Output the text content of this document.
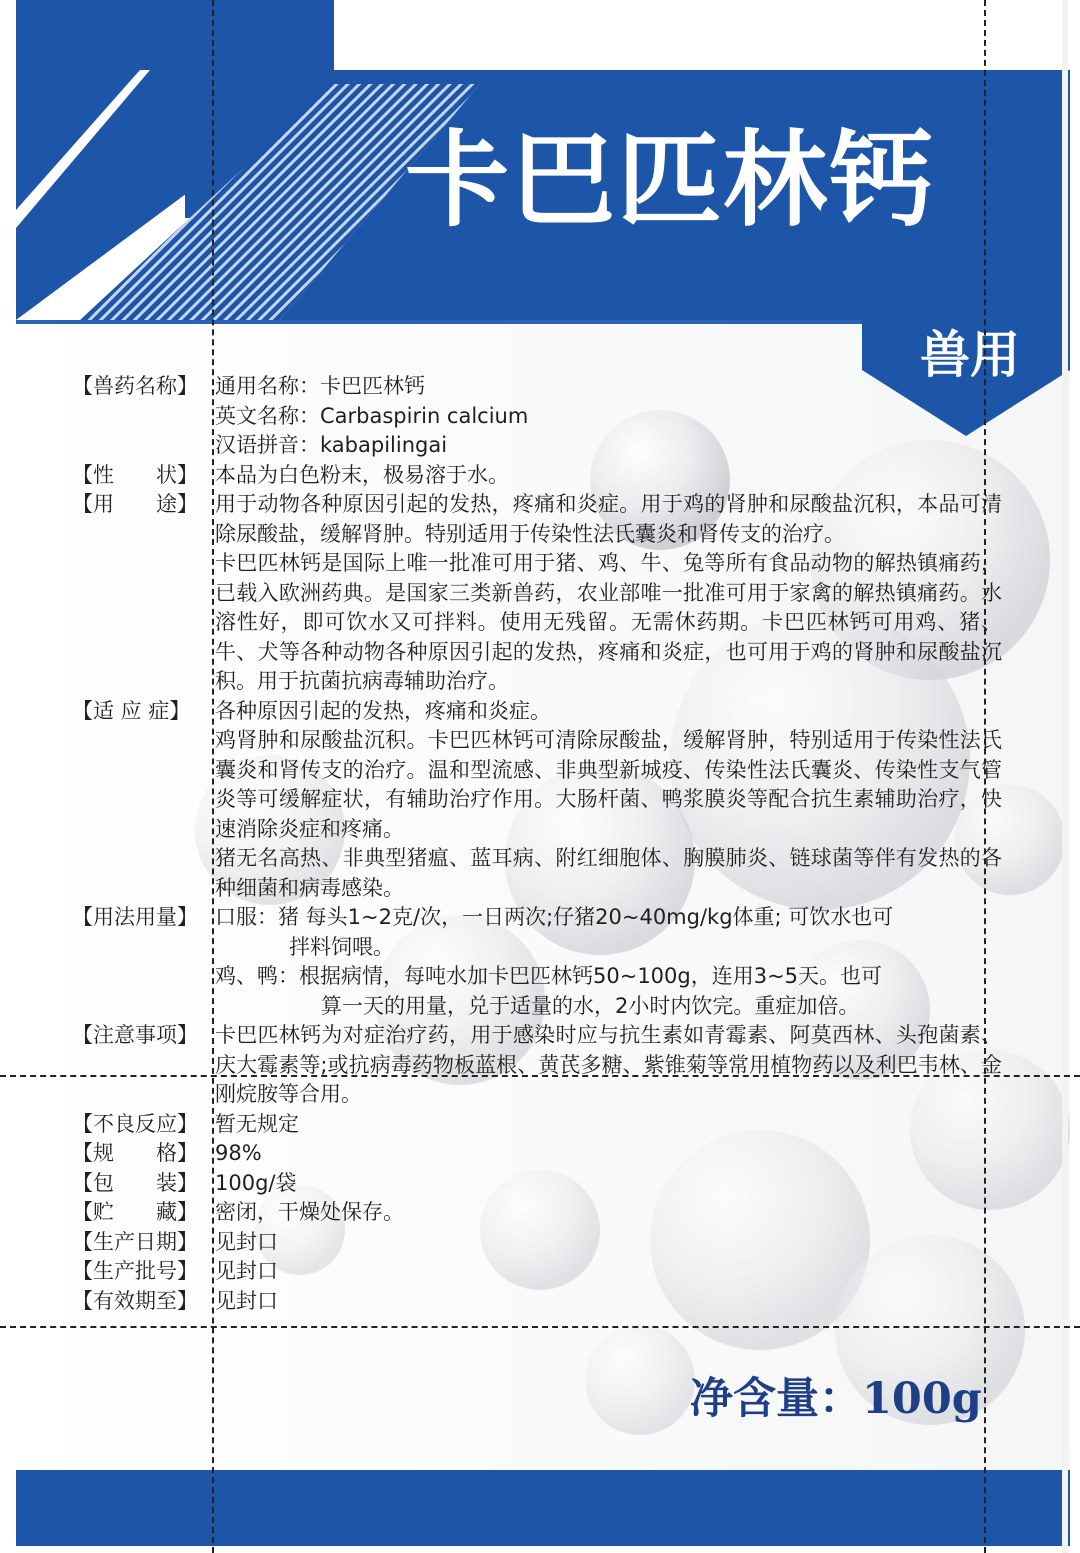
卡巴匹林钙
兽用
【兽药名称】 通用名称：卡巴匹林钙
英文名称：Carbaspirin calcium
汉语拼音：kabapilingai
【性　　状】 本品为白色粉末，极易溶于水。
【用　　途】 用于动物各种原因引起的发热，疼痛和炎症。用于鸡的肾肿和尿酸盐沉积，本品可清除尿酸盐，缓解肾肿。特别适用于传染性法氏囊炎和肾传支的治疗。
卡巴匹林钙是国际上唯一批准可用于猪、鸡、牛、兔等所有食品动物的解热镇痛药，已载入欧洲药典。是国家三类新兽药，农业部唯一批准可用于家禽的解热镇痛药。水溶性好，即可饮水又可拌料。使用无残留。无需休药期。卡巴匹林钙可用鸡、猪、牛、犬等各种动物各种原因引起的发热，疼痛和炎症，也可用于鸡的肾肿和尿酸盐沉积。用于抗菌抗病毒辅助治疗。
【适 应 症】	各种原因引起的发热，疼痛和炎症。
鸡肾肿和尿酸盐沉积。卡巴匹林钙可清除尿酸盐，缓解肾肿，特别适用于传染性法氏囊炎和肾传支的治疗。温和型流感、非典型新城疫、传染性法氏囊炎、传染性支气管炎等可缓解症状，有辅助治疗作用。大肠杆菌、鸭浆膜炎等配合抗生素辅助治疗，快速消除炎症和疼痛。
猪无名高热、非典型猪瘟、蓝耳病、附红细胞体、胸膜肺炎、链球菌等伴有发热的各种细菌和病毒感染。
【用法用量】 口服：猪 每头1~2克/次，一日两次;仔猪20~40mg/kg体重; 可饮水也可
拌料饲喂。
鸡、鸭：根据病情，每吨水加卡巴匹林钙50~100g，连用3~5天。也可
算一天的用量，兑于适量的水，2小时内饮完。重症加倍。
【注意事项】 卡巴匹林钙为对症治疗药，用于感染时应与抗生素如青霉素、阿莫西林、头孢菌素、庆大霉素等;或抗病毒药物板蓝根、黄芪多糖、紫锥菊等常用植物药以及利巴韦林、金刚烷胺等合用。
【不良反应】 暂无规定
【规　　格】 98%
【包　　装】 100g/袋
【贮　　藏】 密闭，干燥处保存。
【生产日期】 见封口
【生产批号】 见封口
【有效期至】 见封口
净含量：100g
